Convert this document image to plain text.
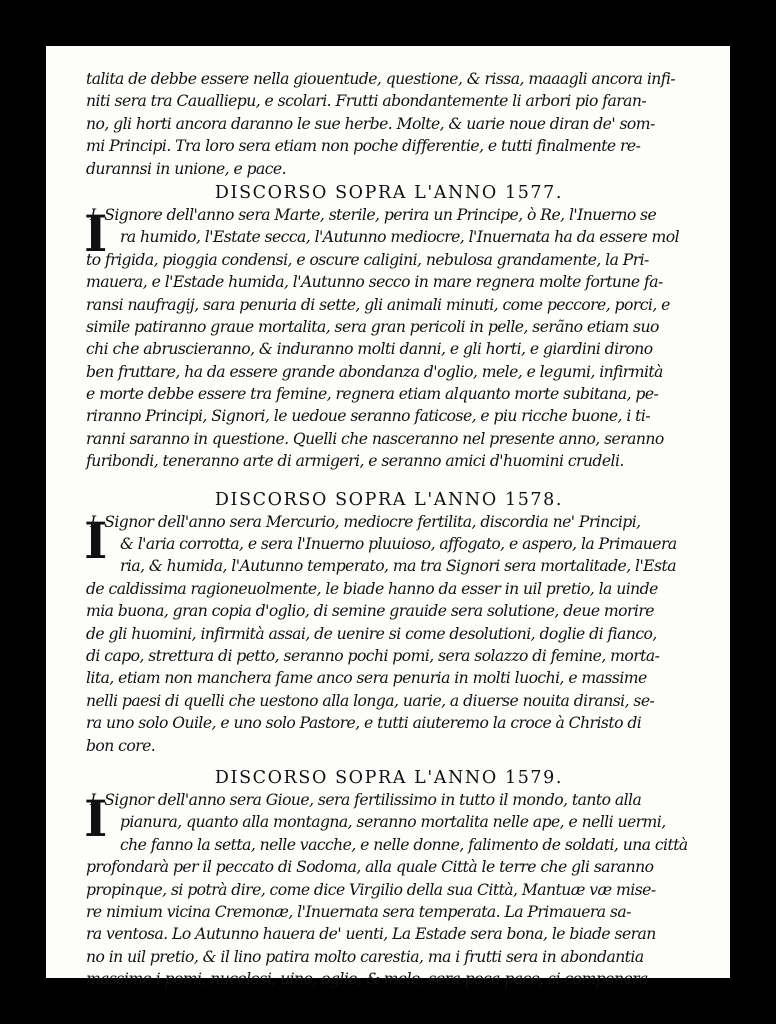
talita de debbe essere nella giouentude, questione, & rissa, maaagli ancora infi-
niti sera tra Caualliери, e scolari. Frutti abondantemente li arbori pio faran-
no, gli horti ancora daranno le sue herbe. Molte, & uarie noue diran de' som-
mi Principi. Tra loro sera etiam non poche differentie, e tutti finalmente re-
durannsi in unione, e pace.
DISCORSO SOPRA L'ANNO 1577.
I
L Signore dell'anno sera Marte, sterile, perira un Principe, ò Re, l'Inuerno se
ra humido, l'Estate secca, l'Autunno mediocre, l'Inuernata ha da essere mol
to frigida, pioggia condensi, e oscure caligini, nebulosa grandamente, la Pri-
mauera, e l'Estade humida, l'Autunno secco in mare regnera molte fortune fa-
ransi naufragij, sara penuria di sette, gli animali minuti, come peccore, porci, e
simile patiranno graue mortalita, sera gran pericoli in pelle, serãno etiam suo
chi che abruscieranno, & induranno molti danni, e gli horti, e giardini dirono
ben fruttare, ha da essere grande abondanza d'oglio, mele, e legumi, infirmità
e morte debbe essere tra femine, regnera etiam alquanto morte subitana, pe-
riranno Principi, Signori, le uedoue seranno faticose, e piu ricche buone, i ti-
ranni saranno in questione. Quelli che nasceranno nel presente anno, seranno
furibondi, teneranno arte di armigeri, e seranno amici d'huomini crudeli.
DISCORSO SOPRA L'ANNO 1578.
I
L Signor dell'anno sera Mercurio, mediocre fertilita, discordia ne' Principi,
& l'aria corrotta, e sera l'Inuerno pluuioso, affogato, e aspero, la Primauera
ria, & humida, l'Autunno temperato, ma tra Signori sera mortalitade, l'Esta
de caldissima ragioneuolmente, le biade hanno da esser in uil pretio, la uinde
mia buona, gran copia d'oglio, di semine grauide sera solutione, deue morire
de gli huomini, infirmità assai, de uenire si come desolutioni, doglie di fianco,
di capo, strettura di petto, seranno pochi pomi, sera solazzo di femine, morta-
lita, etiam non manchera fame anco sera penuria in molti luochi, e massime
nelli paesi di quelli che uestono alla longa, uarie, a diuerse nouita diransi, se-
ra uno solo Ouile, e uno solo Pastore, e tutti aiuteremo la croce à Christo di
bon core.
DISCORSO SOPRA L'ANNO 1579.
I
L Signor dell'anno sera Gioue, sera fertilissimo in tutto il mondo, tanto alla
pianura, quanto alla montagna, seranno mortalita nelle ape, e nelli uermi,
che fanno la setta, nelle vacche, e nelle donne, falimento de soldati, una città
profondarà per il peccato di Sodoma, alla quale Città le terre che gli saranno
propinque, si potrà dire, come dice Virgilio della sua Città, Mantuæ væ mise-
re nimium vicina Cremonæ, l'Inuernata sera temperata. La Primauera sa-
ra ventosa. Lo Autunno hauera de' uenti, La Estade sera bona, le biade seran
no in uil pretio, & il lino patira molto carestia, ma i frutti sera in abondantia
massime i pomi, nucelosi, uino, oglio, & mele, sera poca pace, si componera
